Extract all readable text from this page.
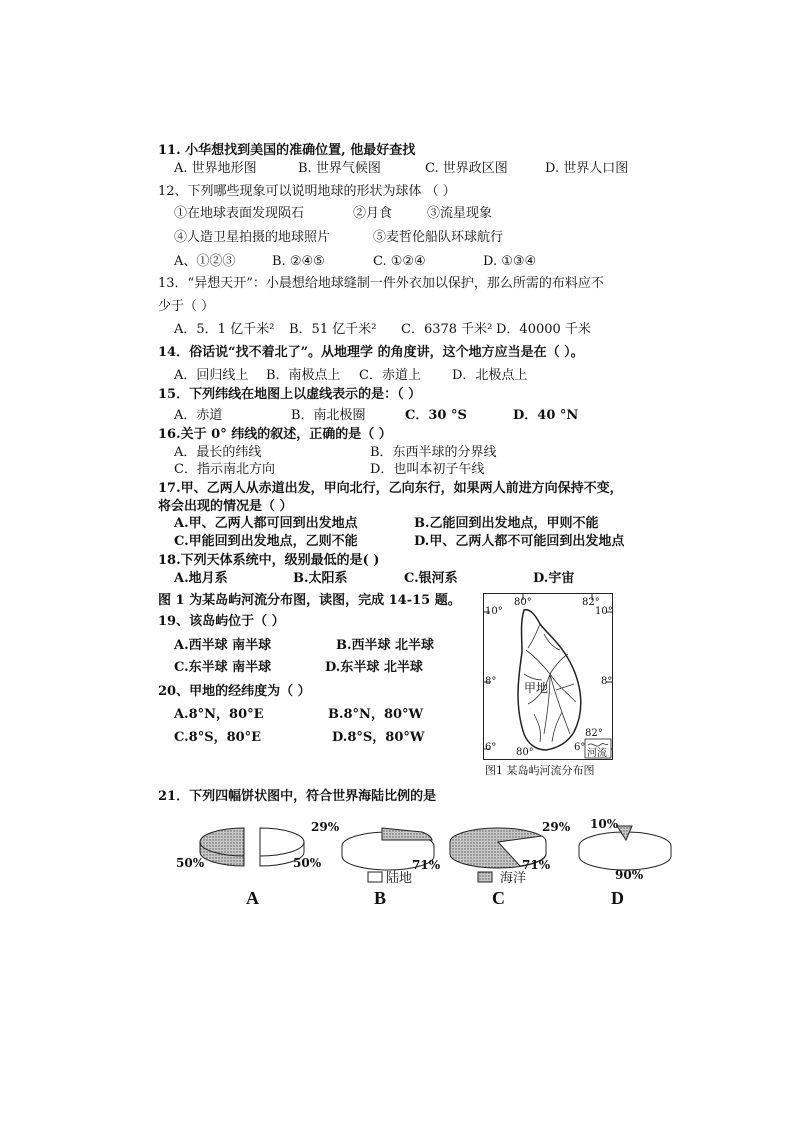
11. 小华想找到美国的准确位置, 他最好查找
A. 世界地形图	B. 世界气候图	C. 世界政区图	D. 世界人口图
12、下列哪些现象可以说明地球的形状为球体 （ ）
①在地球表面发现陨石	②月食	③流星现象
④人造卫星拍摄的地球照片	⑤麦哲伦船队环球航行
A、①②③	B. ②④⑤	C. ①②④	D. ①③④
13．“异想天开”：小晨想给地球缝制一件外衣加以保护，那么所需的布料应不
少于（ ）
A．5．1 亿千米² B．51 亿千米² C．6378 千米² D．40000 千米
14．俗话说“找不着北了”。从地理学 的角度讲，这个地方应当是在（ ）。
A．回归线上 B．南极点上 C．赤道上 D．北极点上
15．下列纬线在地图上以虚线表示的是：（ ）
A．赤道	B．南北极圈	C．30 °S	D．40 °N
16.关于 0° 纬线的叙述，正确的是（ ）
A．最长的纬线	B．东西半球的分界线
C．指示南北方向	D．也叫本初子午线
17.甲、乙两人从赤道出发，甲向北行，乙向东行，如果两人前进方向保持不变，
将会出现的情况是（ ）
A.甲、乙两人都可回到出发地点	B.乙能回到出发地点，甲则不能
C.甲能回到出发地点，乙则不能	D.甲、乙两人都不可能回到出发地点
18.下列天体系统中，级别最低的是( )
A.地月系	B.太阳系	C.银河系	D.宇宙
图 1 为某岛屿河流分布图，读图，完成 14-15 题。
19、该岛屿位于（ ）
A.西半球 南半球	B.西半球 北半球
C.东半球 南半球	D.东半球 北半球
20、甲地的经纬度为（ ）
A.8°N，80°E	B.8°N，80°W
C.8°S，80°E	D.8°S，80°W
80°	82°
10°	10°
8°	8°
6°	6°
80°
82°
甲地
河流
图1 某岛屿河流分布图
21．下列四幅饼状图中，符合世界海陆比例的是
50%	50%
29%
71%
29%
71%
10%
90%
陆地	海洋
A	B	C	D
